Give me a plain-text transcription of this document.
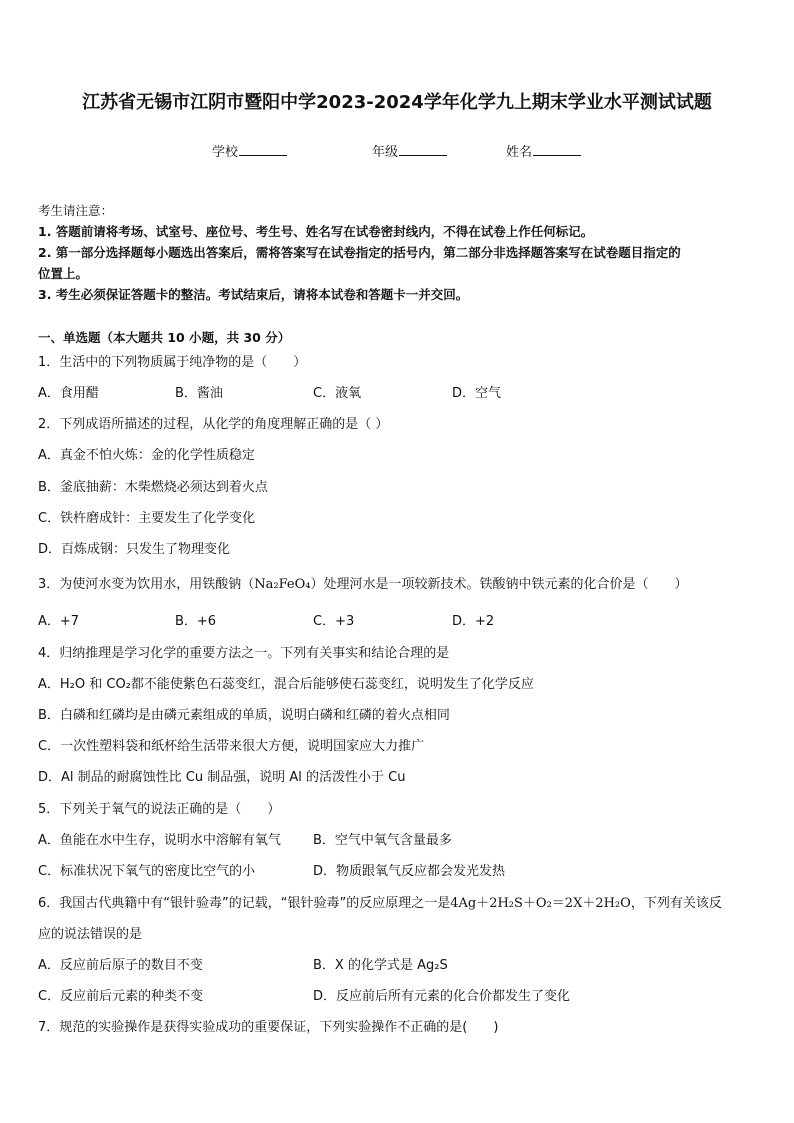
江苏省无锡市江阴市暨阳中学2023-2024学年化学九上期末学业水平测试试题
学校	年级	姓名
考生请注意：
1. 答题前请将考场、试室号、座位号、考生号、姓名写在试卷密封线内，不得在试卷上作任何标记。
2. 第一部分选择题每小题选出答案后，需将答案写在试卷指定的括号内，第二部分非选择题答案写在试卷题目指定的
位置上。
3. 考生必须保证答题卡的整洁。考试结束后，请将本试卷和答题卡一并交回。
一、单选题（本大题共 10 小题，共 30 分）
1．生活中的下列物质属于纯净物的是（　　）
A．食用醋	B．酱油	C．液氧	D．空气
2．下列成语所描述的过程，从化学的角度理解正确的是（ ）
A．真金不怕火炼：金的化学性质稳定
B．釜底抽薪：木柴燃烧必须达到着火点
C．铁杵磨成针：主要发生了化学变化
D．百炼成钢：只发生了物理变化
3．为使河水变为饮用水，用铁酸钠（Na₂FeO₄）处理河水是一项较新技术。铁酸钠中铁元素的化合价是（　　）
A．+7	B．+6	C．+3	D．+2
4．归纳推理是学习化学的重要方法之一。下列有关事实和结论合理的是
A．H₂O 和 CO₂都不能使紫色石蕊变红，混合后能够使石蕊变红，说明发生了化学反应
B．白磷和红磷均是由磷元素组成的单质，说明白磷和红磷的着火点相同
C．一次性塑料袋和纸杯给生活带来很大方便，说明国家应大力推广
D．Al 制品的耐腐蚀性比 Cu 制品强，说明 Al 的活泼性小于 Cu
5．下列关于氧气的说法正确的是（　　）
A．鱼能在水中生存，说明水中溶解有氧气 B．空气中氧气含量最多
C．标准状况下氧气的密度比空气的小	D．物质跟氧气反应都会发光发热
6．我国古代典籍中有“银针验毒”的记载，“银针验毒”的反应原理之一是4Ag＋2H₂S＋O₂＝2X＋2H₂O，下列有关该反
应的说法错误的是
A．反应前后原子的数目不变	B．X 的化学式是 Ag₂S
C．反应前后元素的种类不变	D．反应前后所有元素的化合价都发生了变化
7．规范的实验操作是获得实验成功的重要保证，下列实验操作不正确的是(　　)
